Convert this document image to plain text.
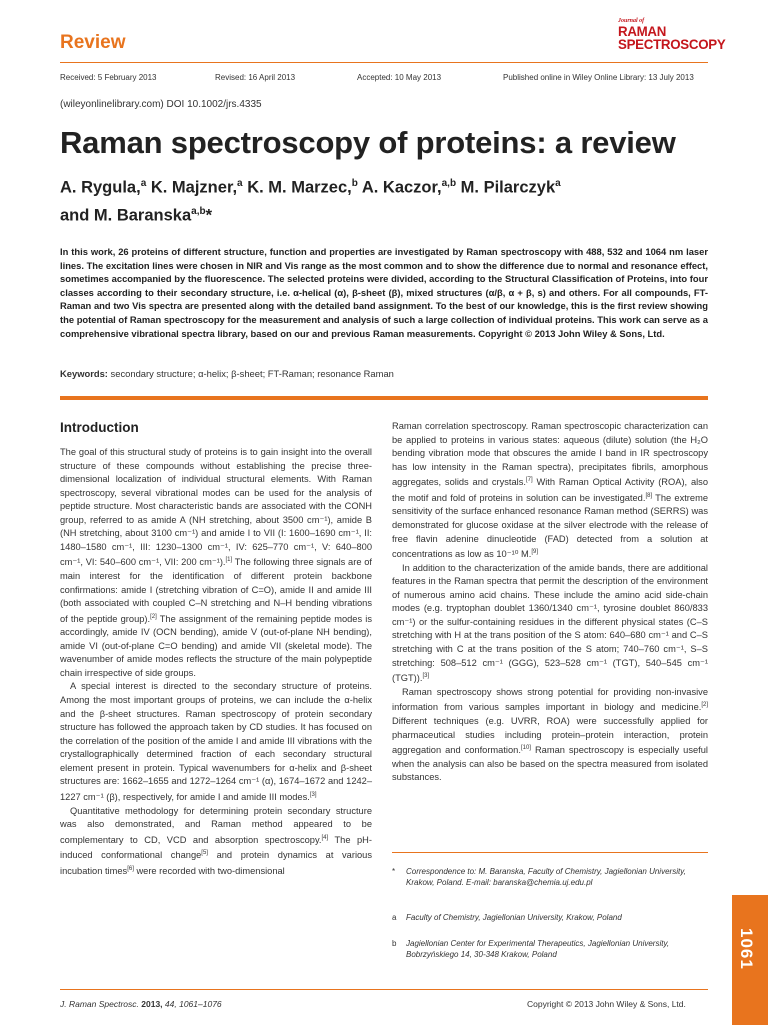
Review
Journal of
RAMAN
SPECTROSCOPY
Received: 5 February 2013	Revised: 16 April 2013	Accepted: 10 May 2013	Published online in Wiley Online Library: 13 July 2013
(wileyonlinelibrary.com) DOI 10.1002/jrs.4335
Raman spectroscopy of proteins: a review
A. Rygula,$^a$ K. Majzner,$^a$ K. M. Marzec,$^b$ A. Kaczor,$^{a,b}$ M. Pilarczyk$^a$
and M. Baranska$^{a,b}$*
In this work, 26 proteins of different structure, function and properties are investigated by Raman spectroscopy with 488, 532 and 1064 nm laser lines. The excitation lines were chosen in NIR and Vis range as the most common and to show the difference due to normal and resonance effect, sometimes accompanied by the fluorescence. The selected proteins were divided, according to the Structural Classification of Proteins, into four classes according to their secondary structure, i.e. α-helical (α), β-sheet (β), mixed structures (α/β, α + β, s) and others. For all compounds, FT-Raman and two Vis spectra are presented along with the detailed band assignment. To the best of our knowledge, this is the first review showing the potential of Raman spectroscopy for the measurement and analysis of such a large collection of individual proteins. This work can serve as a comprehensive vibrational spectra library, based on our and previous Raman measurements. Copyright © 2013 John Wiley & Sons, Ltd.
Keywords: secondary structure; α-helix; β-sheet; FT-Raman; resonance Raman
Introduction

The goal of this structural study of proteins is to gain insight into the overall structure of these compounds without establishing the precise three-dimensional localization of individual structural elements. With Raman spectroscopy, several vibrational modes can be used for the analysis of peptide structure. Most characteristic bands are associated with the CONH group, referred to as amide A (NH stretching, about 3500 cm⁻¹), amide B (NH stretching, about 3100 cm⁻¹) and amide I to VII (I: 1600–1690 cm⁻¹, II: 1480–1580 cm⁻¹, III: 1230–1300 cm⁻¹, IV: 625–770 cm⁻¹, V: 640–800 cm⁻¹, VI: 540–600 cm⁻¹, VII: 200 cm⁻¹).[1] The following three signals are of main interest for the identification of different protein backbone confirmations: amide I (stretching vibration of C=O), amide II and amide III (both associated with coupled C–N stretching and N–H bending vibrations of the peptide group).[2] The assignment of the remaining peptide modes is accordingly, amide IV (OCN bending), amide V (out-of-plane NH bending), amide VI (out-of-plane C=O bending) and amide VII (skeletal mode). The wavenumber of amide modes reflects the structure of the main polypeptide chain irrespective of side groups.

A special interest is directed to the secondary structure of proteins. Among the most important groups of proteins, we can include the α-helix and the β-sheet structures. Raman spectroscopy of protein secondary structure has followed the approach taken by CD studies. It has focused on the correlation of the position of the amide I and amide III vibrations with the crystallographically determined fraction of each secondary structural element present in protein. Typical wavenumbers for α-helix and β-sheet structures are: 1662–1655 and 1272–1264 cm⁻¹ (α), 1674–1672 and 1242–1227 cm⁻¹ (β), respectively, for amide I and amide III modes.[3]

Quantitative methodology for determining protein secondary structure was also demonstrated, and Raman method appeared to be complementary to CD, VCD and absorption spectroscopy.[4] The pH-induced conformational change[5] and protein dynamics at various incubation times[6] were recorded with two-dimensional

Raman correlation spectroscopy. Raman spectroscopic characterization can be applied to proteins in various states: aqueous (dilute) solution (the H₂O bending vibration mode that obscures the amide I band in IR spectroscopy has low intensity in the Raman spectra), precipitates fibrils, amorphous aggregates, solids and crystals.[7] With Raman Optical Activity (ROA), also the motif and fold of proteins in solution can be investigated.[8] The extreme sensitivity of the surface enhanced resonance Raman method (SERRS) was demonstrated for glucose oxidase at the silver electrode with the release of free flavin adenine dinucleotide (FAD) detected from a solution at concentrations as low as 10⁻¹⁰ M.[9]

In addition to the characterization of the amide bands, there are additional features in the Raman spectra that permit the description of the environment of numerous amino acid chains. These include the amino acid side-chain modes (e.g. tryptophan doublet 1360/1340 cm⁻¹, tyrosine doublet 860/833 cm⁻¹) or the sulfur-containing residues in the different physical states (C–S stretching with H at the trans position of the S atom: 640–680 cm⁻¹ and C–S stretching with C at the trans position of the S atom; 740–760 cm⁻¹, S–S stretching: 508–512 cm⁻¹ (GGG), 523–528 cm⁻¹ (TGT), 540–545 cm⁻¹ (TGT)).[3]

Raman spectroscopy shows strong potential for providing non-invasive information from various samples important in biology and medicine.[2] Different techniques (e.g. UVRR, ROA) were successfully applied for pharmaceutical studies including protein–protein interaction, protein aggregation and conformation.[10] Raman spectroscopy is especially useful when the analysis can also be based on the spectra measured from isolated substances.

* Correspondence to: M. Baranska, Faculty of Chemistry, Jagiellonian University, Krakow, Poland. E-mail: baranska@chemia.uj.edu.pl
a Faculty of Chemistry, Jagiellonian University, Krakow, Poland
b Jagiellonian Center for Experimental Therapeutics, Jagiellonian University, Bobrzyńskiego 14, 30-348 Krakow, Poland	1061
J. Raman Spectrosc. 2013, 44, 1061–1076	Copyright © 2013 John Wiley & Sons, Ltd.
